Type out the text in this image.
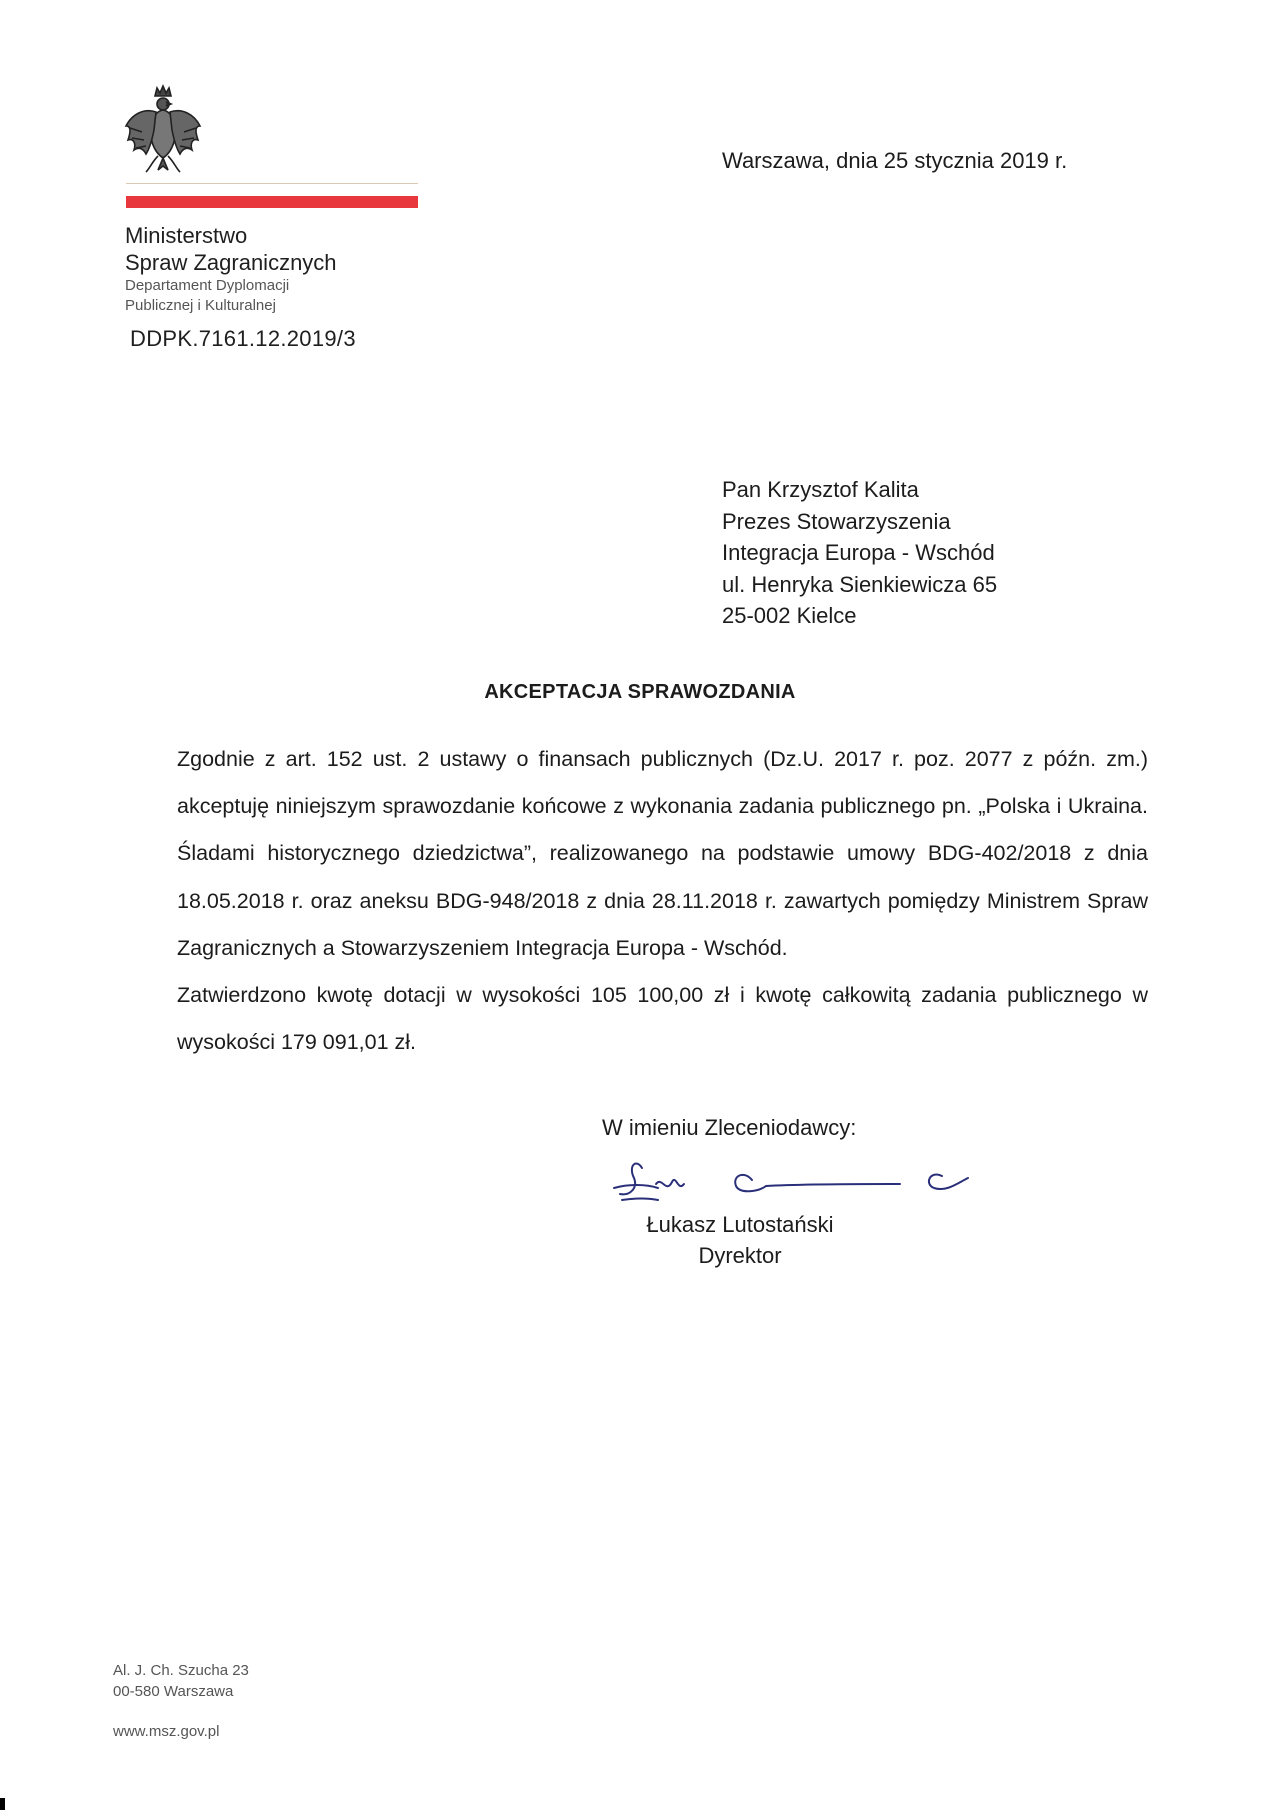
Ministerstwo
Spraw Zagranicznych
Departament Dyplomacji
Publicznej i Kulturalnej
DDPK.7161.12.2019/3
Warszawa, dnia 25 stycznia 2019 r.
Pan Krzysztof Kalita
Prezes Stowarzyszenia
Integracja Europa - Wschód
ul. Henryka Sienkiewicza 65
25-002 Kielce
AKCEPTACJA SPRAWOZDANIA

Zgodnie z art. 152 ust. 2 ustawy o finansach publicznych (Dz.U. 2017 r. poz. 2077 z późn. zm.) akceptuję niniejszym sprawozdanie końcowe z wykonania zadania publicznego pn. „Polska i Ukraina. Śladami historycznego dziedzictwa”, realizowanego na podstawie umowy BDG-402/2018 z dnia 18.05.2018 r. oraz aneksu BDG-948/2018 z dnia 28.11.2018 r. zawartych pomiędzy Ministrem Spraw Zagranicznych a Stowarzyszeniem Integracja Europa - Wschód.

Zatwierdzono kwotę dotacji w wysokości 105 100,00 zł i kwotę całkowitą zadania publicznego w wysokości 179 091,01 zł.

W imieniu Zleceniodawcy:
Łukasz Lutostański
Dyrektor
Al. J. Ch. Szucha 23
00-580 Warszawa
www.msz.gov.pl
